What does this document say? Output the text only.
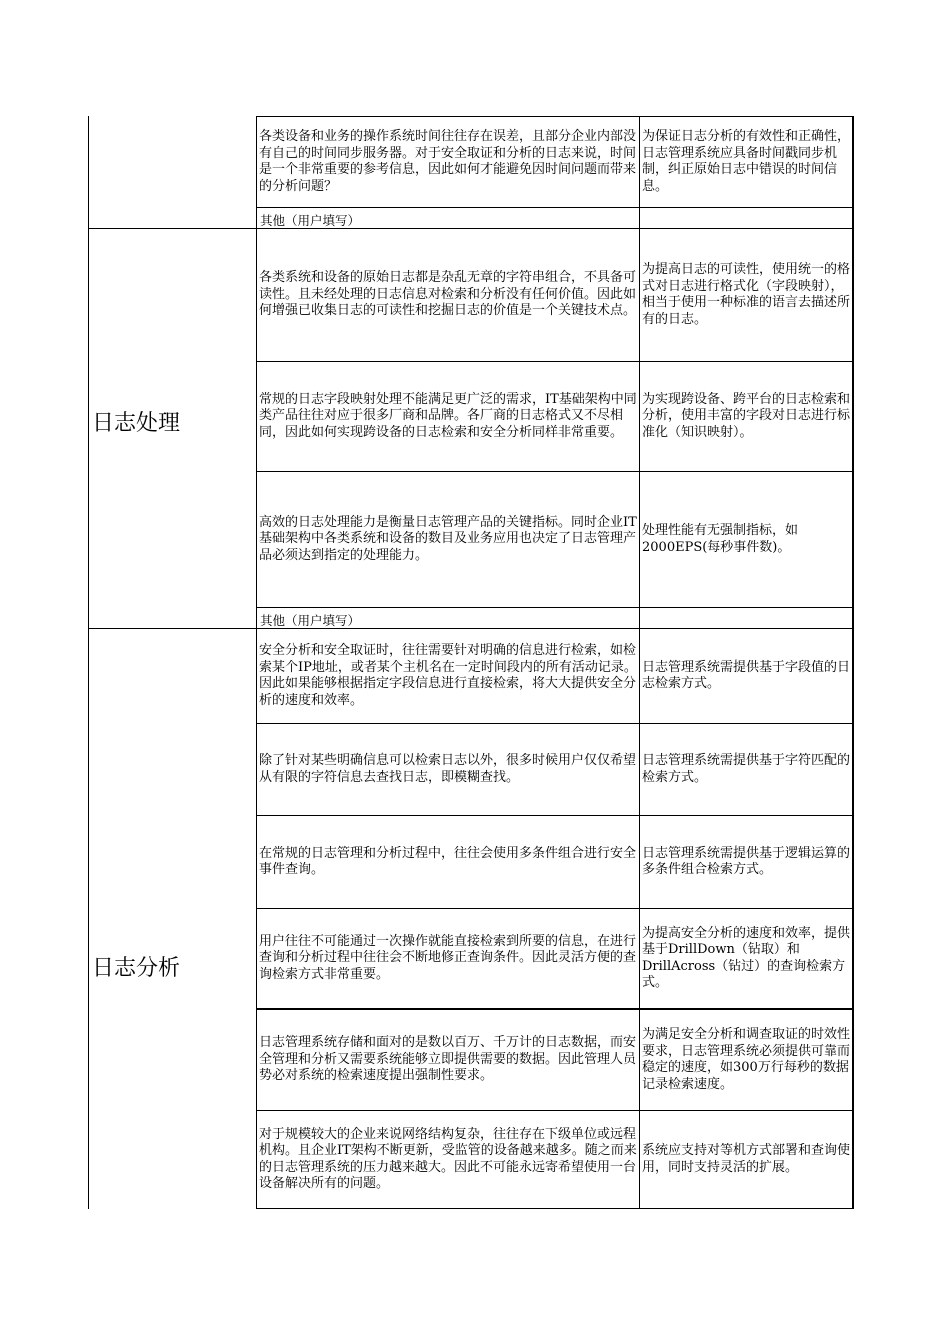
日志处理
日志分析
各类设备和业务的操作系统时间往往存在误差，且部分企业内部没有自己的时间同步服务器。对于安全取证和分析的日志来说，时间是一个非常重要的参考信息，因此如何才能避免因时间问题而带来的分析问题？
为保证日志分析的有效性和正确性，日志管理系统应具备时间戳同步机制，纠正原始日志中错误的时间信息。
其他（用户填写）
各类系统和设备的原始日志都是杂乱无章的字符串组合，不具备可读性。且未经处理的日志信息对检索和分析没有任何价值。因此如何增强已收集日志的可读性和挖掘日志的价值是一个关键技术点。
为提高日志的可读性，使用统一的格式对日志进行格式化（字段映射），相当于使用一种标准的语言去描述所有的日志。
常规的日志字段映射处理不能满足更广泛的需求，IT基础架构中同类产品往往对应于很多厂商和品牌。各厂商的日志格式又不尽相同，因此如何实现跨设备的日志检索和安全分析同样非常重要。
为实现跨设备、跨平台的日志检索和分析，使用丰富的字段对日志进行标准化（知识映射）。
高效的日志处理能力是衡量日志管理产品的关键指标。同时企业IT基础架构中各类系统和设备的数目及业务应用也决定了日志管理产品必须达到指定的处理能力。
处理性能有无强制指标，如2000EPS(每秒事件数)。
其他（用户填写）
安全分析和安全取证时，往往需要针对明确的信息进行检索，如检索某个IP地址，或者某个主机名在一定时间段内的所有活动记录。因此如果能够根据指定字段信息进行直接检索，将大大提供安全分析的速度和效率。
日志管理系统需提供基于字段值的日志检索方式。
除了针对某些明确信息可以检索日志以外，很多时候用户仅仅希望从有限的字符信息去查找日志，即模糊查找。
日志管理系统需提供基于字符匹配的检索方式。
在常规的日志管理和分析过程中，往往会使用多条件组合进行安全事件查询。
日志管理系统需提供基于逻辑运算的多条件组合检索方式。
用户往往不可能通过一次操作就能直接检索到所要的信息，在进行查询和分析过程中往往会不断地修正查询条件。因此灵活方便的查询检索方式非常重要。
为提高安全分析的速度和效率，提供基于DrillDown（钻取）和DrillAcross（钻过）的查询检索方式。
日志管理系统存储和面对的是数以百万、千万计的日志数据，而安全管理和分析又需要系统能够立即提供需要的数据。因此管理人员势必对系统的检索速度提出强制性要求。
为满足安全分析和调查取证的时效性要求，日志管理系统必须提供可靠而稳定的速度，如300万行每秒的数据记录检索速度。
对于规模较大的企业来说网络结构复杂，往往存在下级单位或远程机构。且企业IT架构不断更新，受监管的设备越来越多。随之而来的日志管理系统的压力越来越大。因此不可能永远寄希望使用一台设备解决所有的问题。
系统应支持对等机方式部署和查询使用，同时支持灵活的扩展。
